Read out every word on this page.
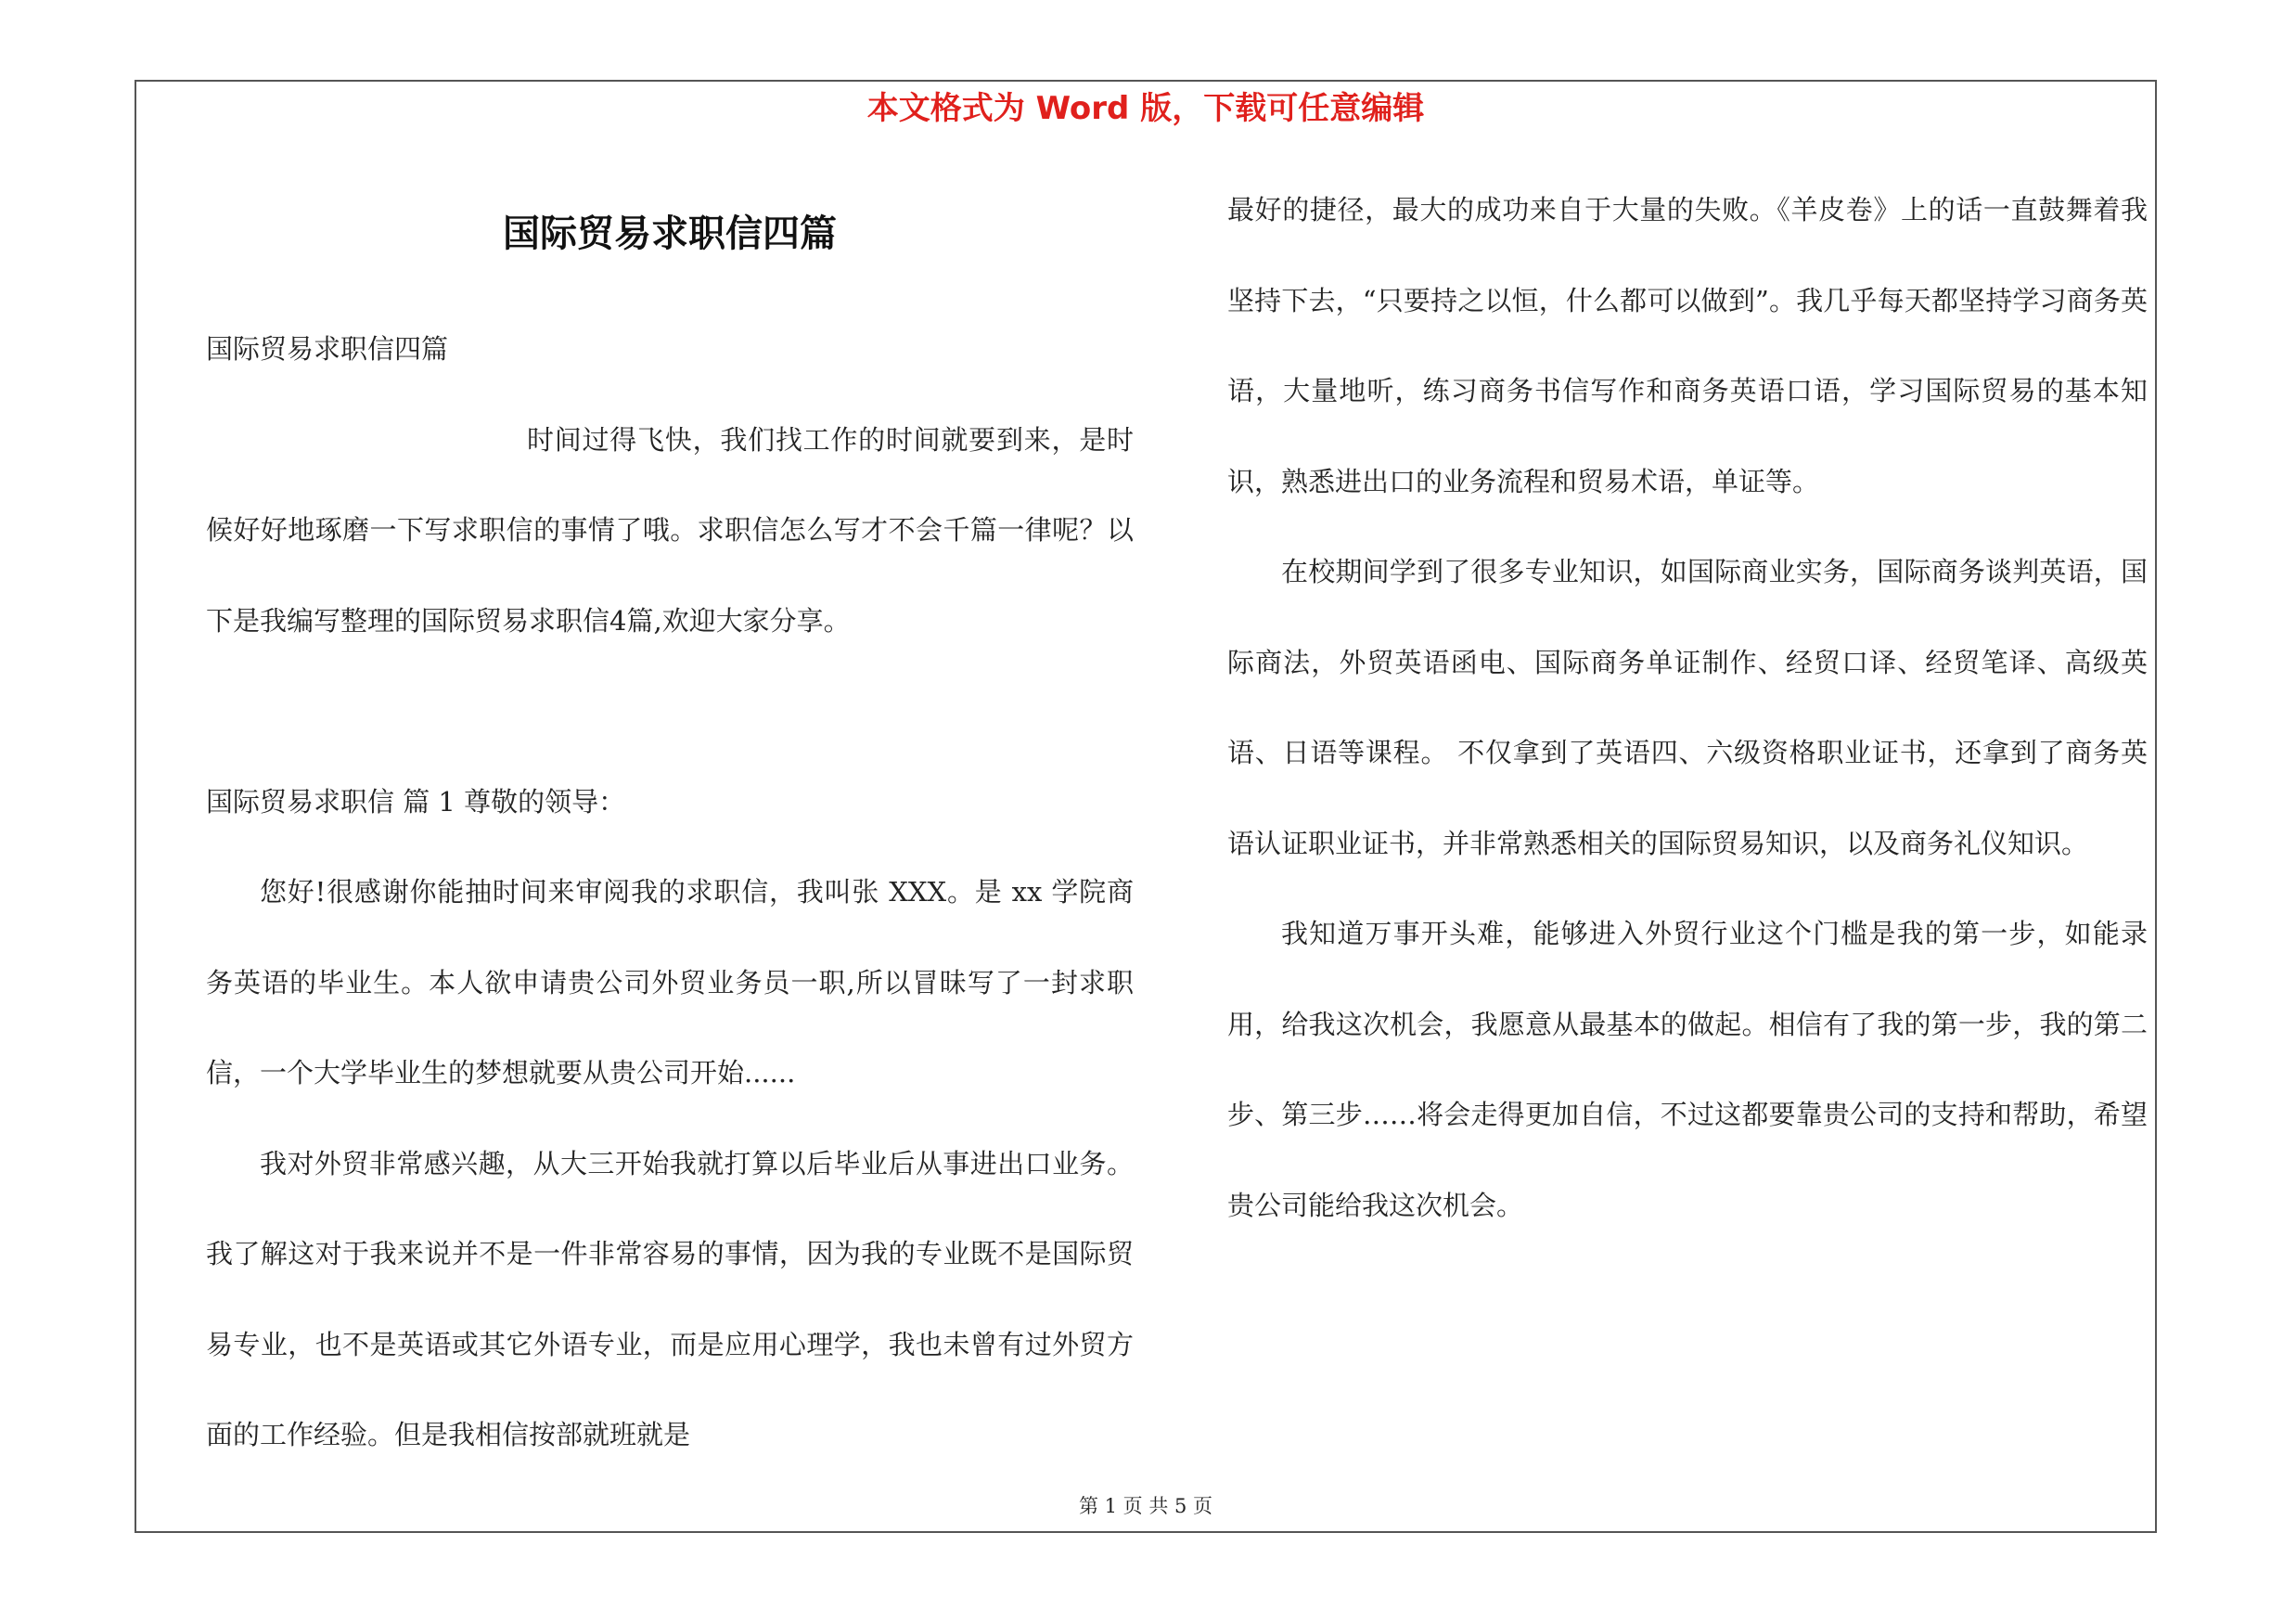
本文格式为 Word 版，下载可任意编辑
国际贸易求职信四篇

国际贸易求职信四篇

时间过得飞快，我们找工作的时间就要到来，是时候好好地琢磨一下写求职信的事情了哦。求职信怎么写才不会千篇一律呢？以下是我编写整理的国际贸易求职信4篇,欢迎大家分享。

国际贸易求职信 篇 1 尊敬的领导：

您好!很感谢你能抽时间来审阅我的求职信，我叫张 XXX。是 xx 学院商务英语的毕业生。本人欲申请贵公司外贸业务员一职,所以冒昧写了一封求职信，一个大学毕业生的梦想就要从贵公司开始......

我对外贸非常感兴趣，从大三开始我就打算以后毕业后从事进出口业务。我了解这对于我来说并不是一件非常容易的事情，因为我的专业既不是国际贸易专业，也不是英语或其它外语专业，而是应用心理学，我也未曾有过外贸方面的工作经验。但是我相信按部就班就是

最好的捷径，最大的成功来自于大量的失败。《羊皮卷》上的话一直鼓舞着我坚持下去，“只要持之以恒，什么都可以做到”。我几乎每天都坚持学习商务英语，大量地听，练习商务书信写作和商务英语口语，学习国际贸易的基本知识，熟悉进出口的业务流程和贸易术语，单证等。

在校期间学到了很多专业知识，如国际商业实务，国际商务谈判英语，国际商法，外贸英语函电、国际商务单证制作、经贸口译、经贸笔译、高级英语、日语等课程。 不仅拿到了英语四、六级资格职业证书，还拿到了商务英语认证职业证书，并非常熟悉相关的国际贸易知识，以及商务礼仪知识。

我知道万事开头难，能够进入外贸行业这个门槛是我的第一步，如能录用，给我这次机会，我愿意从最基本的做起。相信有了我的第一步，我的第二步、第三步……将会走得更加自信，不过这都要靠贵公司的支持和帮助，希望贵公司能给我这次机会。

第 1 页 共 5 页
